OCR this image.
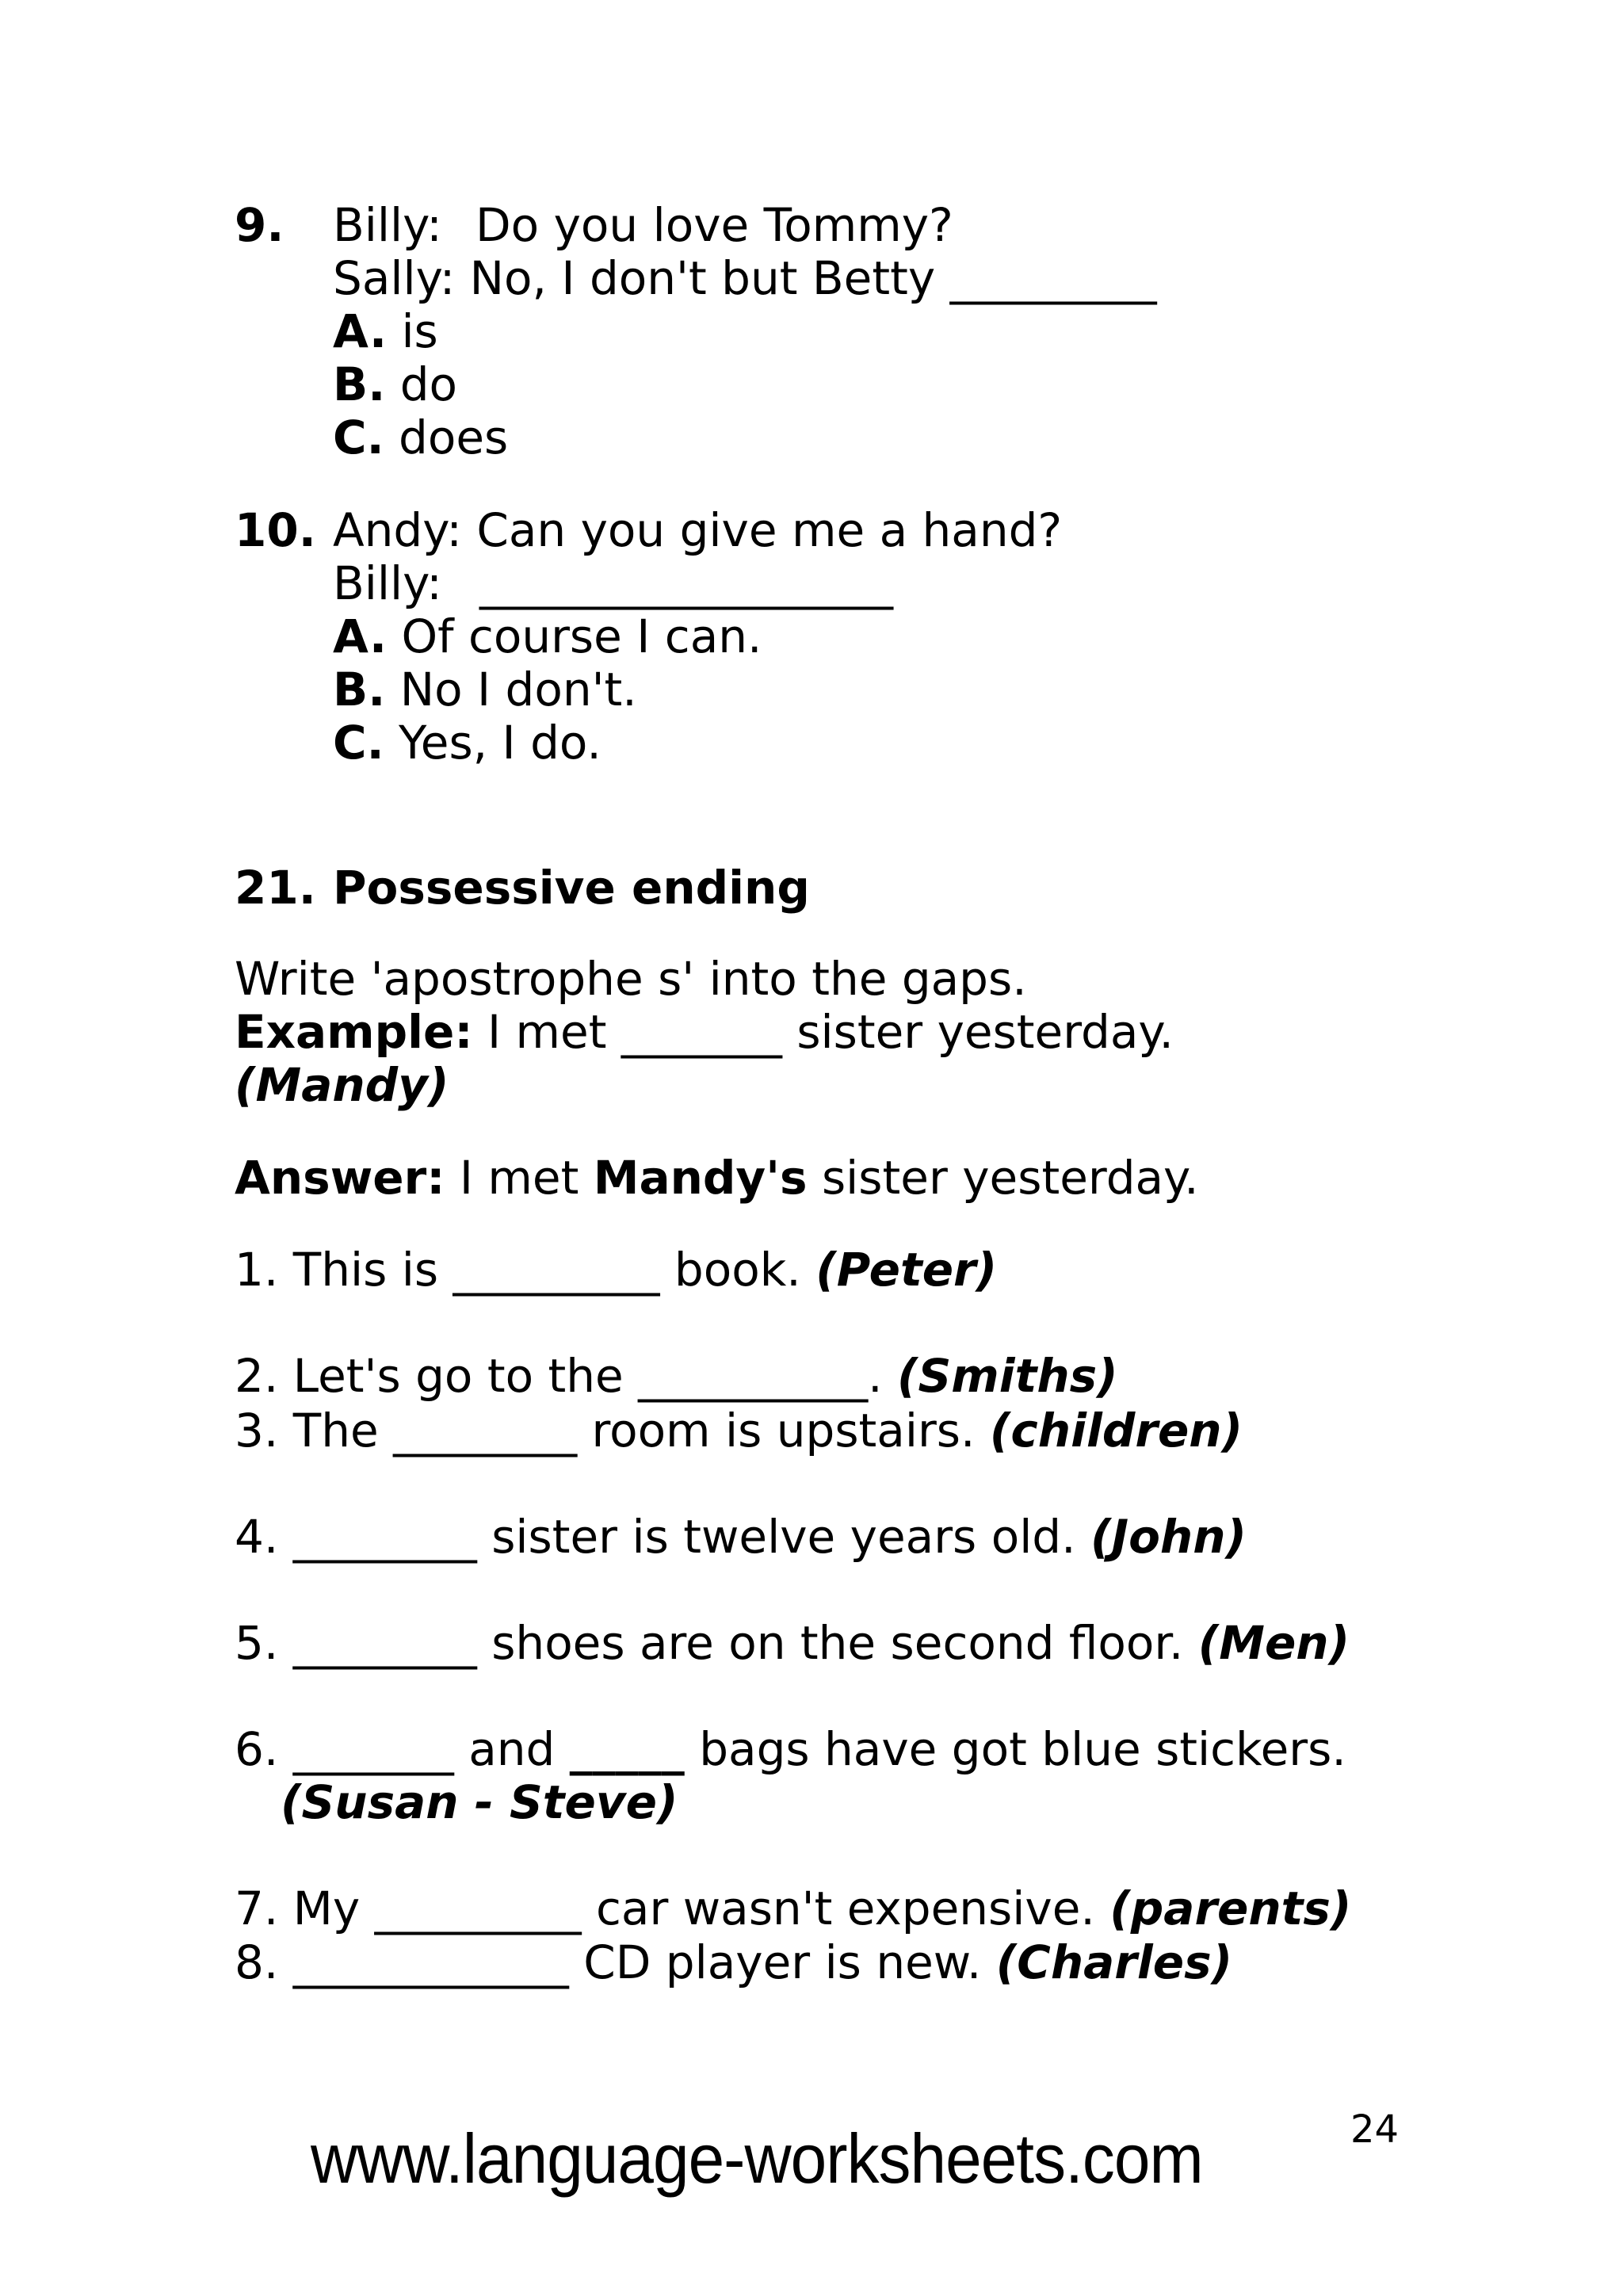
9. Billy: Do you love Tommy?
Sally: No, I don't but Betty _________
A. is
B. do
C. does
10. Andy: Can you give me a hand?
Billy: __________________
A. Of course I can.
B. No I don't.
C. Yes, I do.
21. Possessive ending
Write 'apostrophe s' into the gaps.
Example: I met _______ sister yesterday.
(Mandy)
Answer: I met Mandy's sister yesterday.
1. This is _________ book. (Peter)
2. Let's go to the __________. (Smiths)
3. The ________ room is upstairs. (children)
4. ________ sister is twelve years old. (John)
5. ________ shoes are on the second floor. (Men)
6. _______ and _____ bags have got blue stickers.
(Susan - Steve)
7. My _________ car wasn't expensive. (parents)
8. ____________ CD player is new. (Charles)
www.language-worksheets.com	24
